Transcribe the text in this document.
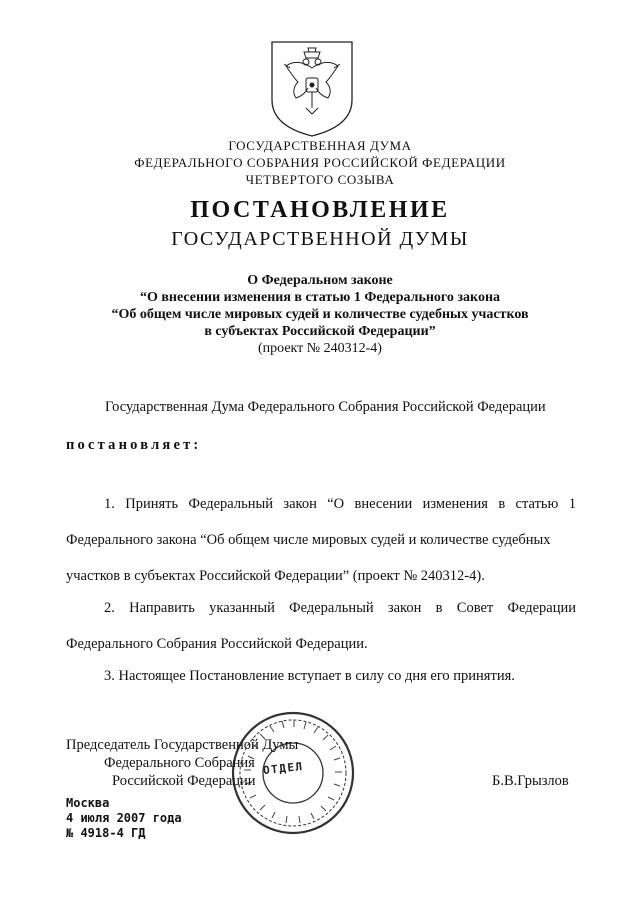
ГОСУДАРСТВЕННАЯ ДУМА
ФЕДЕРАЛЬНОГО СОБРАНИЯ РОССИЙСКОЙ ФЕДЕРАЦИИ
ЧЕТВЕРТОГО СОЗЫВА
ПОСТАНОВЛЕНИЕ
ГОСУДАРСТВЕННОЙ ДУМЫ
О Федеральном законе
“О внесении изменения в статью 1 Федерального закона
“Об общем числе мировых судей и количестве судебных участков
в субъектах Российской Федерации”
(проект № 240312-4)
Государственная Дума Федерального Собрания Российской Федерации
постановляет:
1. Принять Федеральный закон “О внесении изменения в статью 1
Федерального закона “Об общем числе мировых судей и количестве судебных
участков в субъектах Российской Федерации” (проект № 240312-4).
2. Направить указанный Федеральный закон в Совет Федерации
Федерального Собрания Российской Федерации.
3. Настоящее Постановление вступает в силу со дня его принятия.
ОТДЕЛ
Председатель Государственной Думы
Федерального Собрания
Российской Федерации	Б.В.Грызлов
Москва
4 июля 2007 года
№ 4918-4 ГД
